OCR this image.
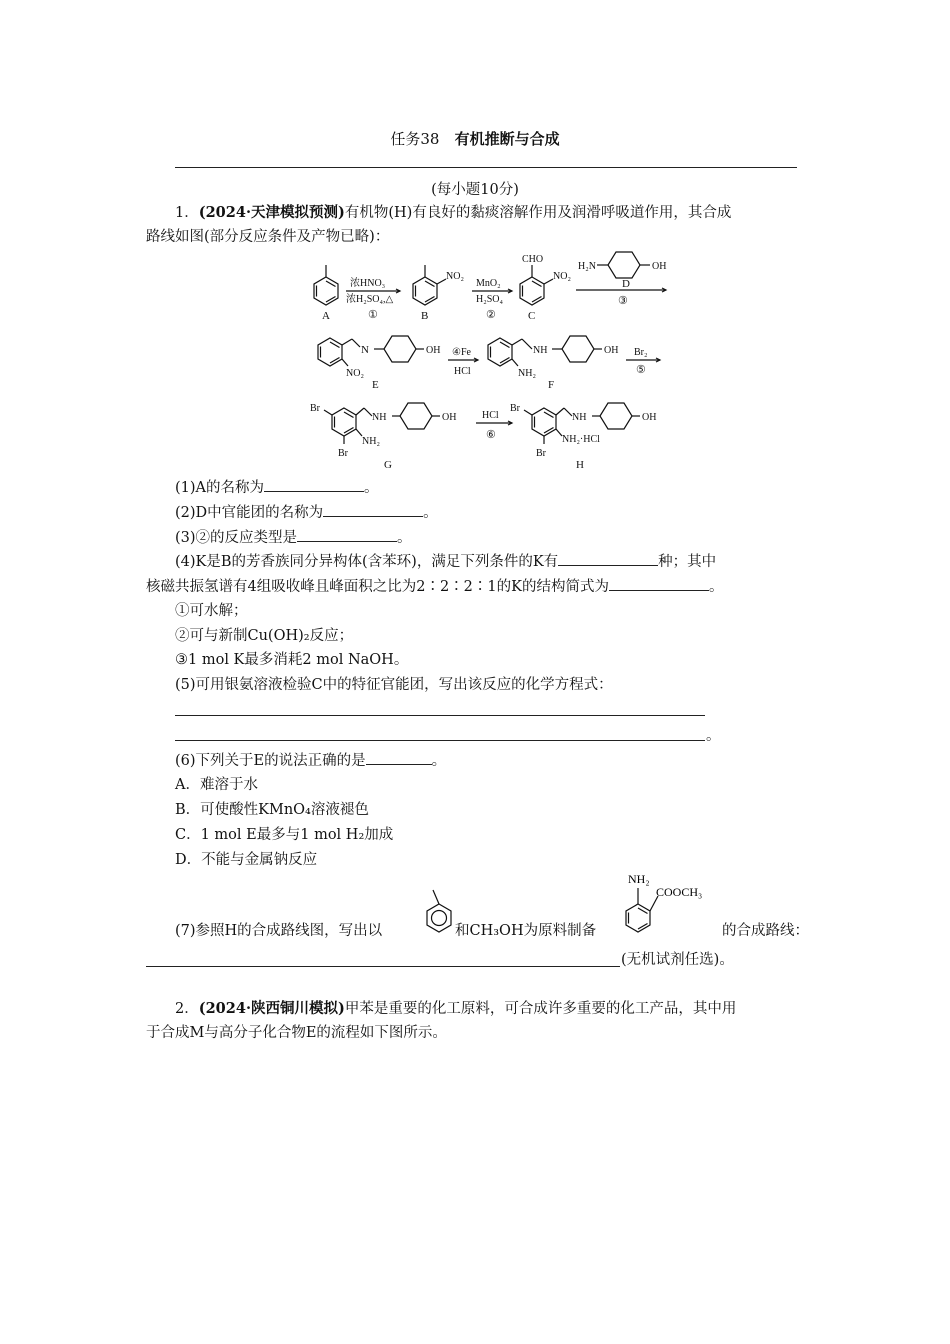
任务38 有机推断与合成
(每小题10分)
1．(2024·天津模拟预测)有机物(H)有良好的黏痰溶解作用及润滑呼吸道作用，其合成
路线如图(部分反应条件及产物已略)：
A
浓HNO₃
浓H₂SO₄,△
①
NO₂
B
MnO₂
H₂SO₄
②
CHO
NO₂
C
H₂N	OH
D
③
N	OH
NO₂
E
④Fe
HCl
NH	OH
NH₂
F
Br₂
⑤
Br
NH	OH
NH₂
Br
G
HCl
⑥
Br
NH	OH
NH₂·HCl
Br
H
(1)A的名称为	。
(2)D中官能团的名称为	。
(3)②的反应类型是	。
(4)K是B的芳香族同分异构体(含苯环)，满足下列条件的K有	种；其中
核磁共振氢谱有4组吸收峰且峰面积之比为2∶2∶2∶1的K的结构简式为	。
①可水解；
②可与新制Cu(OH)₂反应；
③1 mol K最多消耗2 mol NaOH。
(5)可用银氨溶液检验C中的特征官能团，写出该反应的化学方程式：
。
(6)下列关于E的说法正确的是	。
A．难溶于水
B．可使酸性KMnO₄溶液褪色
C．1 mol E最多与1 mol H₂加成
D．不能与金属钠反应
(7)参照H的合成路线图，写出以	和CH₃OH为原料制备
NH₂
COOCH₃
的合成路线：
(无机试剂任选)。
2．(2024·陕西铜川模拟)甲苯是重要的化工原料，可合成许多重要的化工产品，其中用
于合成M与高分子化合物E的流程如下图所示。
